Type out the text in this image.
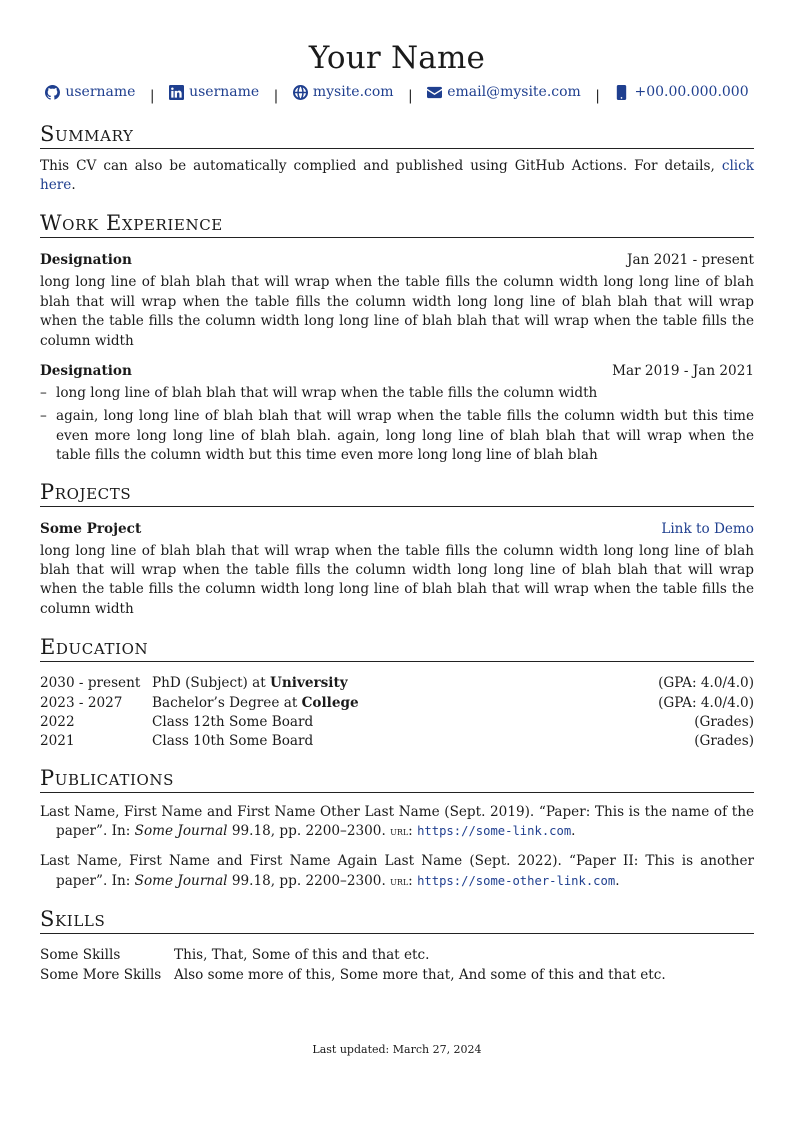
Your Name
username | username | mysite.com | email@mysite.com | +00.00.000.000
Summary
This CV can also be automatically complied and published using GitHub Actions. For details, click here.
Work Experience
Designation	Jan 2021 - present
long long line of blah blah that will wrap when the table fills the column width long long line of blah blah that will wrap when the table fills the column width long long line of blah blah that will wrap when the table fills the column width long long line of blah blah that will wrap when the table fills the column width
Designation	Mar 2019 - Jan 2021
– long long line of blah blah that will wrap when the table fills the column width
– again, long long line of blah blah that will wrap when the table fills the column width but this time even more long long line of blah blah. again, long long line of blah blah that will wrap when the table fills the column width but this time even more long long line of blah blah
Projects
Some Project	Link to Demo
long long line of blah blah that will wrap when the table fills the column width long long line of blah blah that will wrap when the table fills the column width long long line of blah blah that will wrap when the table fills the column width long long line of blah blah that will wrap when the table fills the column width
Education
2030 - present	PhD (Subject) at University	(GPA: 4.0/4.0)
2023 - 2027	Bachelor’s Degree at College	(GPA: 4.0/4.0)
2022	Class 12th Some Board	(Grades)
2021	Class 10th Some Board	(Grades)
Publications
Last Name, First Name and First Name Other Last Name (Sept. 2019). “Paper: This is the name of the paper”. In: Some Journal 99.18, pp. 2200–2300. url: https://some-link.com.
Last Name, First Name and First Name Again Last Name (Sept. 2022). “Paper II: This is another paper”. In: Some Journal 99.18, pp. 2200–2300. url: https://some-other-link.com.
Skills
Some Skills	This, That, Some of this and that etc.
Some More Skills	Also some more of this, Some more that, And some of this and that etc.
Last updated: March 27, 2024
